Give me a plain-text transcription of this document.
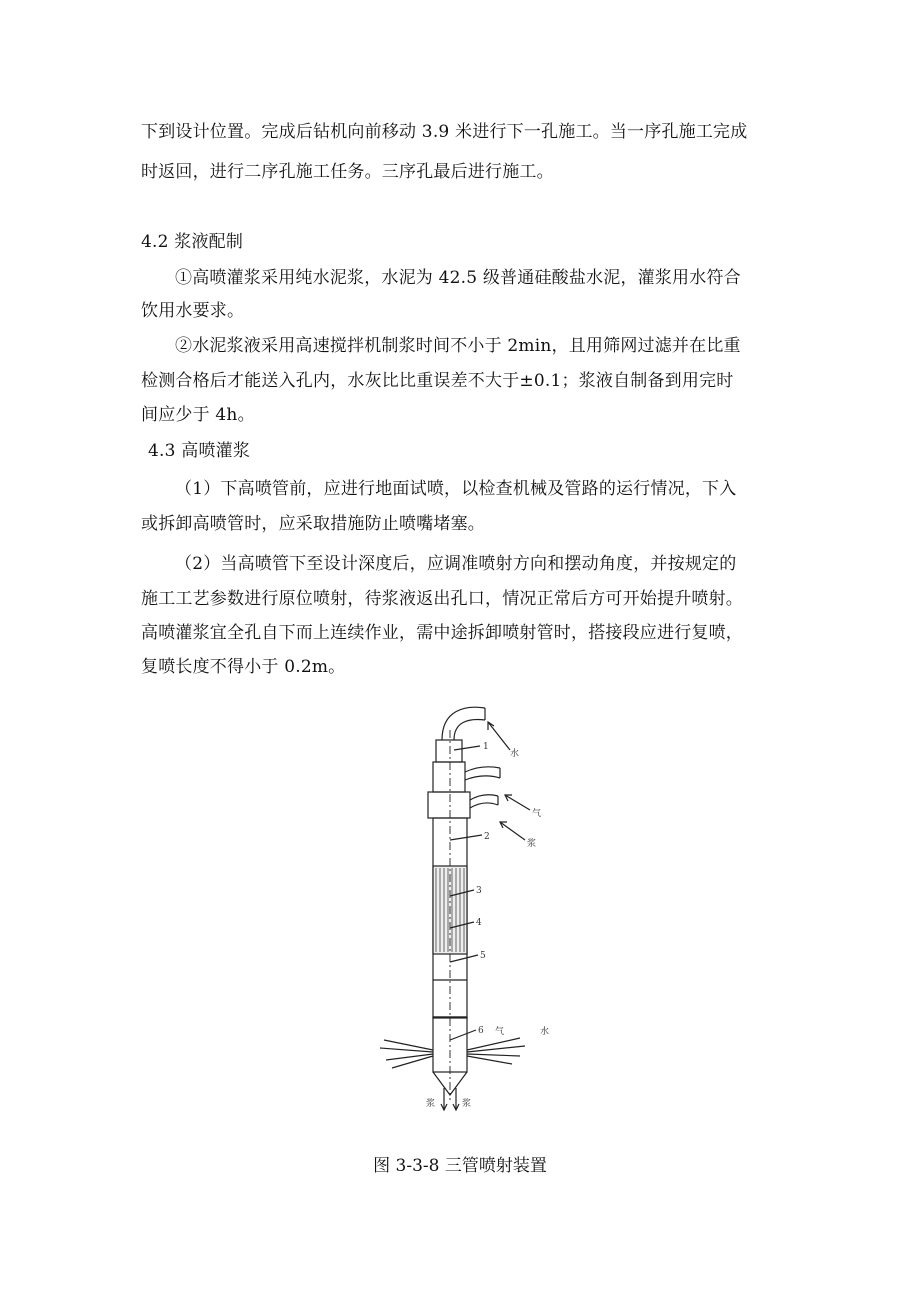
下到设计位置。完成后钻机向前移动 3.9 米进行下一孔施工。当一序孔施工完成
时返回，进行二序孔施工任务。三序孔最后进行施工。
4.2 浆液配制
①高喷灌浆采用纯水泥浆，水泥为 42.5 级普通硅酸盐水泥，灌浆用水符合
饮用水要求。
②水泥浆液采用高速搅拌机制浆时间不小于 2min，且用筛网过滤并在比重
检测合格后才能送入孔内，水灰比比重误差不大于±0.1；浆液自制备到用完时
间应少于 4h。
4.3 高喷灌浆
（1）下高喷管前，应进行地面试喷，以检查机械及管路的运行情况，下入
或拆卸高喷管时，应采取措施防止喷嘴堵塞。
（2）当高喷管下至设计深度后，应调准喷射方向和摆动角度，并按规定的
施工工艺参数进行原位喷射，待浆液返出孔口，情况正常后方可开始提升喷射。
高喷灌浆宜全孔自下而上连续作业，需中途拆卸喷射管时，搭接段应进行复喷，
复喷长度不得小于 0.2m。
1
2
3
4
5
6
水
气
浆
气	水
浆	浆
图 3-3-8 三管喷射装置
